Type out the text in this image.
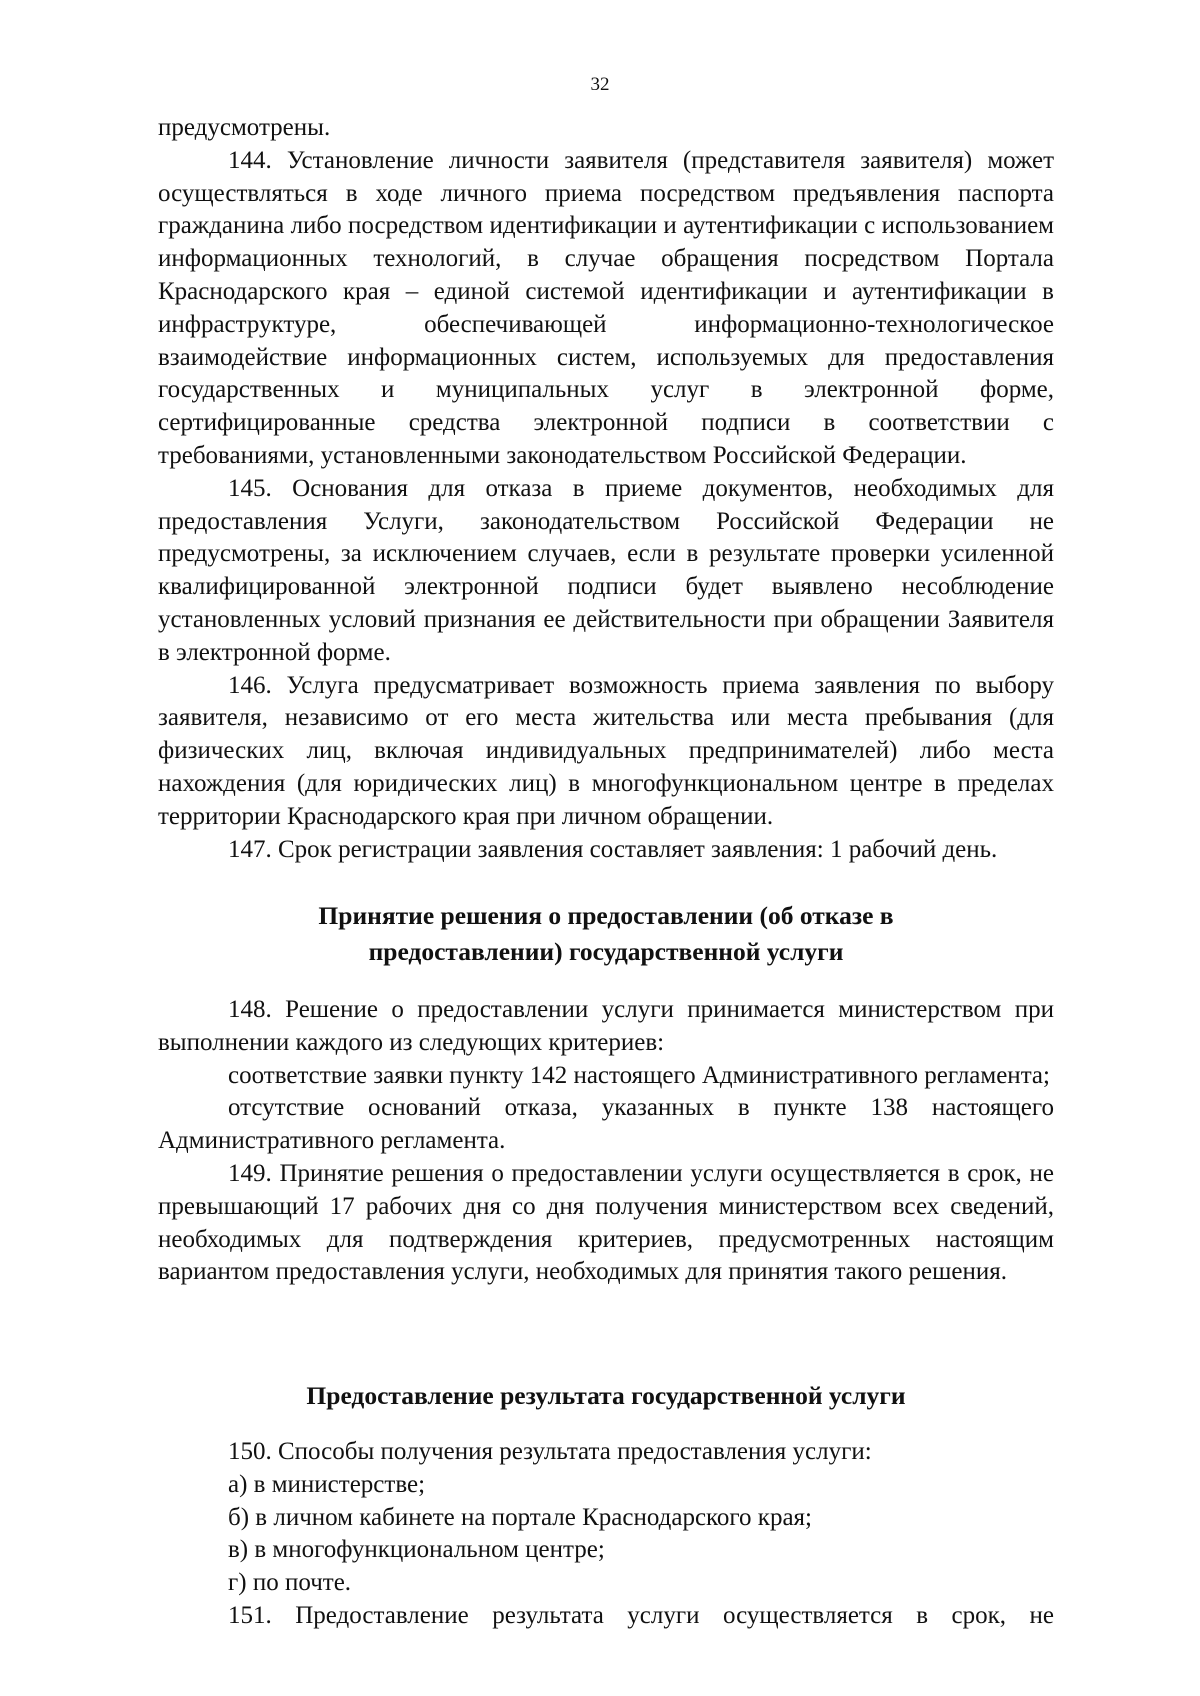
32

предусмотрены.

144. Установление личности заявителя (представителя заявителя) может осуществляться в ходе личного приема посредством предъявления паспорта гражданина либо посредством идентификации и аутентификации с использованием информационных технологий, в случае обращения посредством Портала Краснодарского края – единой системой идентификации и аутентификации в инфраструктуре, обеспечивающей информационно-технологическое взаимодействие информационных систем, используемых для предоставления государственных и муниципальных услуг в электронной форме, сертифицированные средства электронной подписи в соответствии с требованиями, установленными законодательством Российской Федерации.

145. Основания для отказа в приеме документов, необходимых для предоставления Услуги, законодательством Российской Федерации не предусмотрены, за исключением случаев, если в результате проверки усиленной квалифицированной электронной подписи будет выявлено несоблюдение установленных условий признания ее действительности при обращении Заявителя в электронной форме.

146. Услуга предусматривает возможность приема заявления по выбору заявителя, независимо от его места жительства или места пребывания (для физических лиц, включая индивидуальных предпринимателей) либо места нахождения (для юридических лиц) в многофункциональном центре в пределах территории Краснодарского края при личном обращении.

147. Срок регистрации заявления составляет заявления: 1 рабочий день.

Принятие решения о предоставлении (об отказе в
предоставлении) государственной услуги

148. Решение о предоставлении услуги принимается министерством при выполнении каждого из следующих критериев:

соответствие заявки пункту 142 настоящего Административного регламента;

отсутствие оснований отказа, указанных в пункте 138 настоящего Административного регламента.

149. Принятие решения о предоставлении услуги осуществляется в срок, не превышающий 17 рабочих дня со дня получения министерством всех сведений, необходимых для подтверждения критериев, предусмотренных настоящим вариантом предоставления услуги, необходимых для принятия такого решения.

Предоставление результата государственной услуги

150. Способы получения результата предоставления услуги:

а) в министерстве;

б) в личном кабинете на портале Краснодарского края;

в) в многофункциональном центре;

г) по почте.

151. Предоставление результата услуги осуществляется в срок, не
